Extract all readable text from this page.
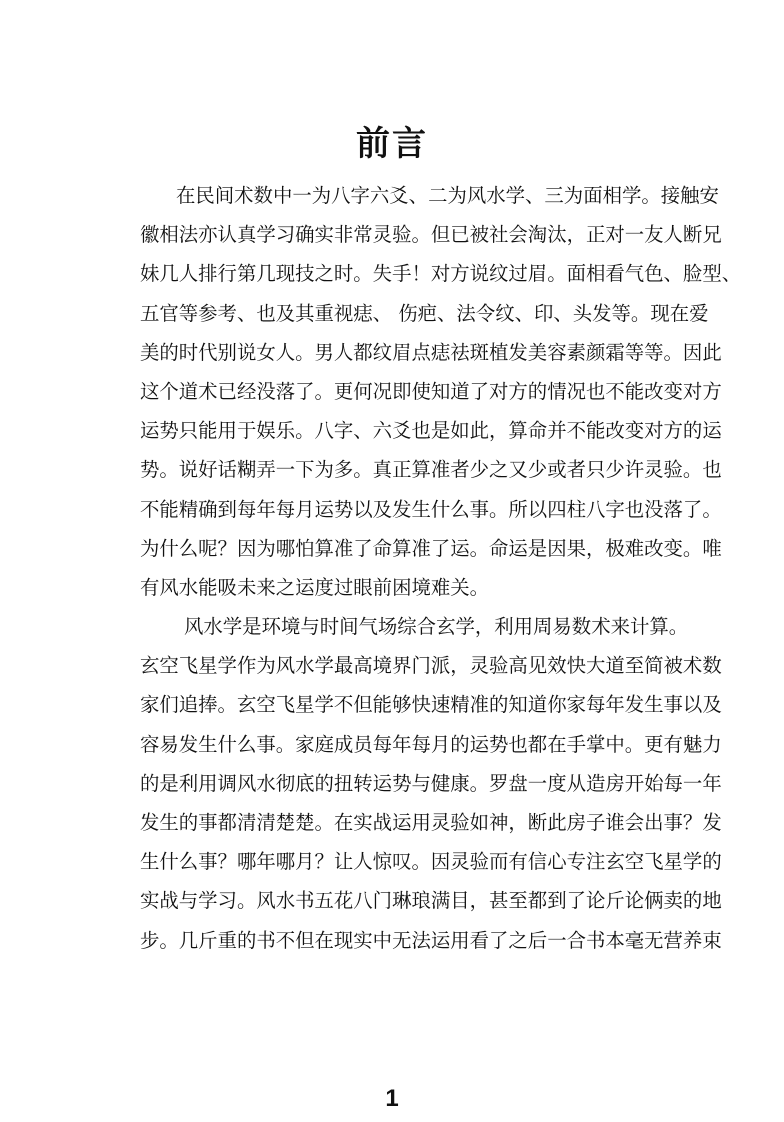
前言
在民间术数中一为八字六爻、二为风水学、三为面相学。接触安
徽相法亦认真学习确实非常灵验。但已被社会淘汰，正对一友人断兄
妹几人排行第几现技之时。失手！对方说纹过眉。面相看气色、脸型、
五官等参考、也及其重视痣、 伤疤、法令纹、印、头发等。现在爱
美的时代别说女人。男人都纹眉点痣祛斑植发美容素颜霜等等。因此
这个道术已经没落了。更何况即使知道了对方的情况也不能改变对方
运势只能用于娱乐。八字、六爻也是如此，算命并不能改变对方的运
势。说好话糊弄一下为多。真正算准者少之又少或者只少许灵验。也
不能精确到每年每月运势以及发生什么事。所以四柱八字也没落了。
为什么呢？因为哪怕算准了命算准了运。命运是因果，极难改变。唯
有风水能吸未来之运度过眼前困境难关。
风水学是环境与时间气场综合玄学，利用周易数术来计算。
玄空飞星学作为风水学最高境界门派，灵验高见效快大道至简被术数
家们追捧。玄空飞星学不但能够快速精准的知道你家每年发生事以及
容易发生什么事。家庭成员每年每月的运势也都在手掌中。更有魅力
的是利用调风水彻底的扭转运势与健康。罗盘一度从造房开始每一年
发生的事都清清楚楚。在实战运用灵验如神，断此房子谁会出事？发
生什么事？哪年哪月？让人惊叹。因灵验而有信心专注玄空飞星学的
实战与学习。风水书五花八门琳琅满目，甚至都到了论斤论俩卖的地
步。几斤重的书不但在现实中无法运用看了之后一合书本毫无营养束
1
